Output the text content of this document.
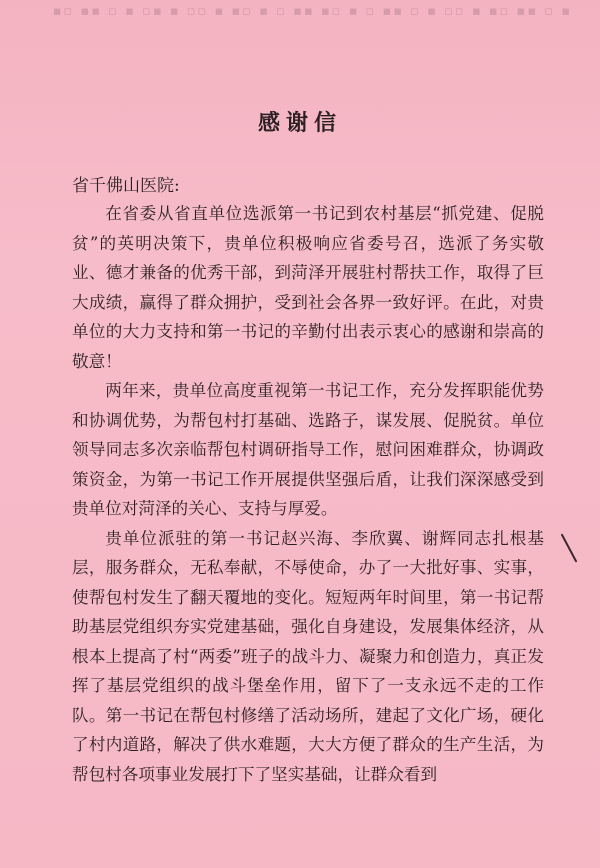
▪ ▫ ▪▪ ▫▪ ▪ ▫▫ ▪ ▫ ▪▪ ▫ ▪ ▫▪ ▪▪ ▫ ▪ ▫▪ ▪ ▫▫ ▪ ▪▫ ▪ ▫ ▪▪ ▫▪
感谢信
省千佛山医院:

在省委从省直单位选派第一书记到农村基层“抓党建、促脱贫”的英明决策下，贵单位积极响应省委号召，选派了务实敬业、德才兼备的优秀干部，到菏泽开展驻村帮扶工作，取得了巨大成绩，赢得了群众拥护，受到社会各界一致好评。在此，对贵单位的大力支持和第一书记的辛勤付出表示衷心的感谢和崇高的敬意！

两年来，贵单位高度重视第一书记工作，充分发挥职能优势和协调优势，为帮包村打基础、选路子，谋发展、促脱贫。单位领导同志多次亲临帮包村调研指导工作，慰问困难群众，协调政策资金，为第一书记工作开展提供坚强后盾，让我们深深感受到贵单位对菏泽的关心、支持与厚爱。

贵单位派驻的第一书记赵兴海、李欣翼、谢辉同志扎根基层，服务群众，无私奉献，不辱使命，办了一大批好事、实事，使帮包村发生了翻天覆地的变化。短短两年时间里，第一书记帮助基层党组织夯实党建基础，强化自身建设，发展集体经济，从根本上提高了村“两委”班子的战斗力、凝聚力和创造力，真正发挥了基层党组织的战斗堡垒作用，留下了一支永远不走的工作队。第一书记在帮包村修缮了活动场所，建起了文化广场，硬化了村内道路，解决了供水难题，大大方便了群众的生产生活，为帮包村各项事业发展打下了坚实基础，让群众看到
